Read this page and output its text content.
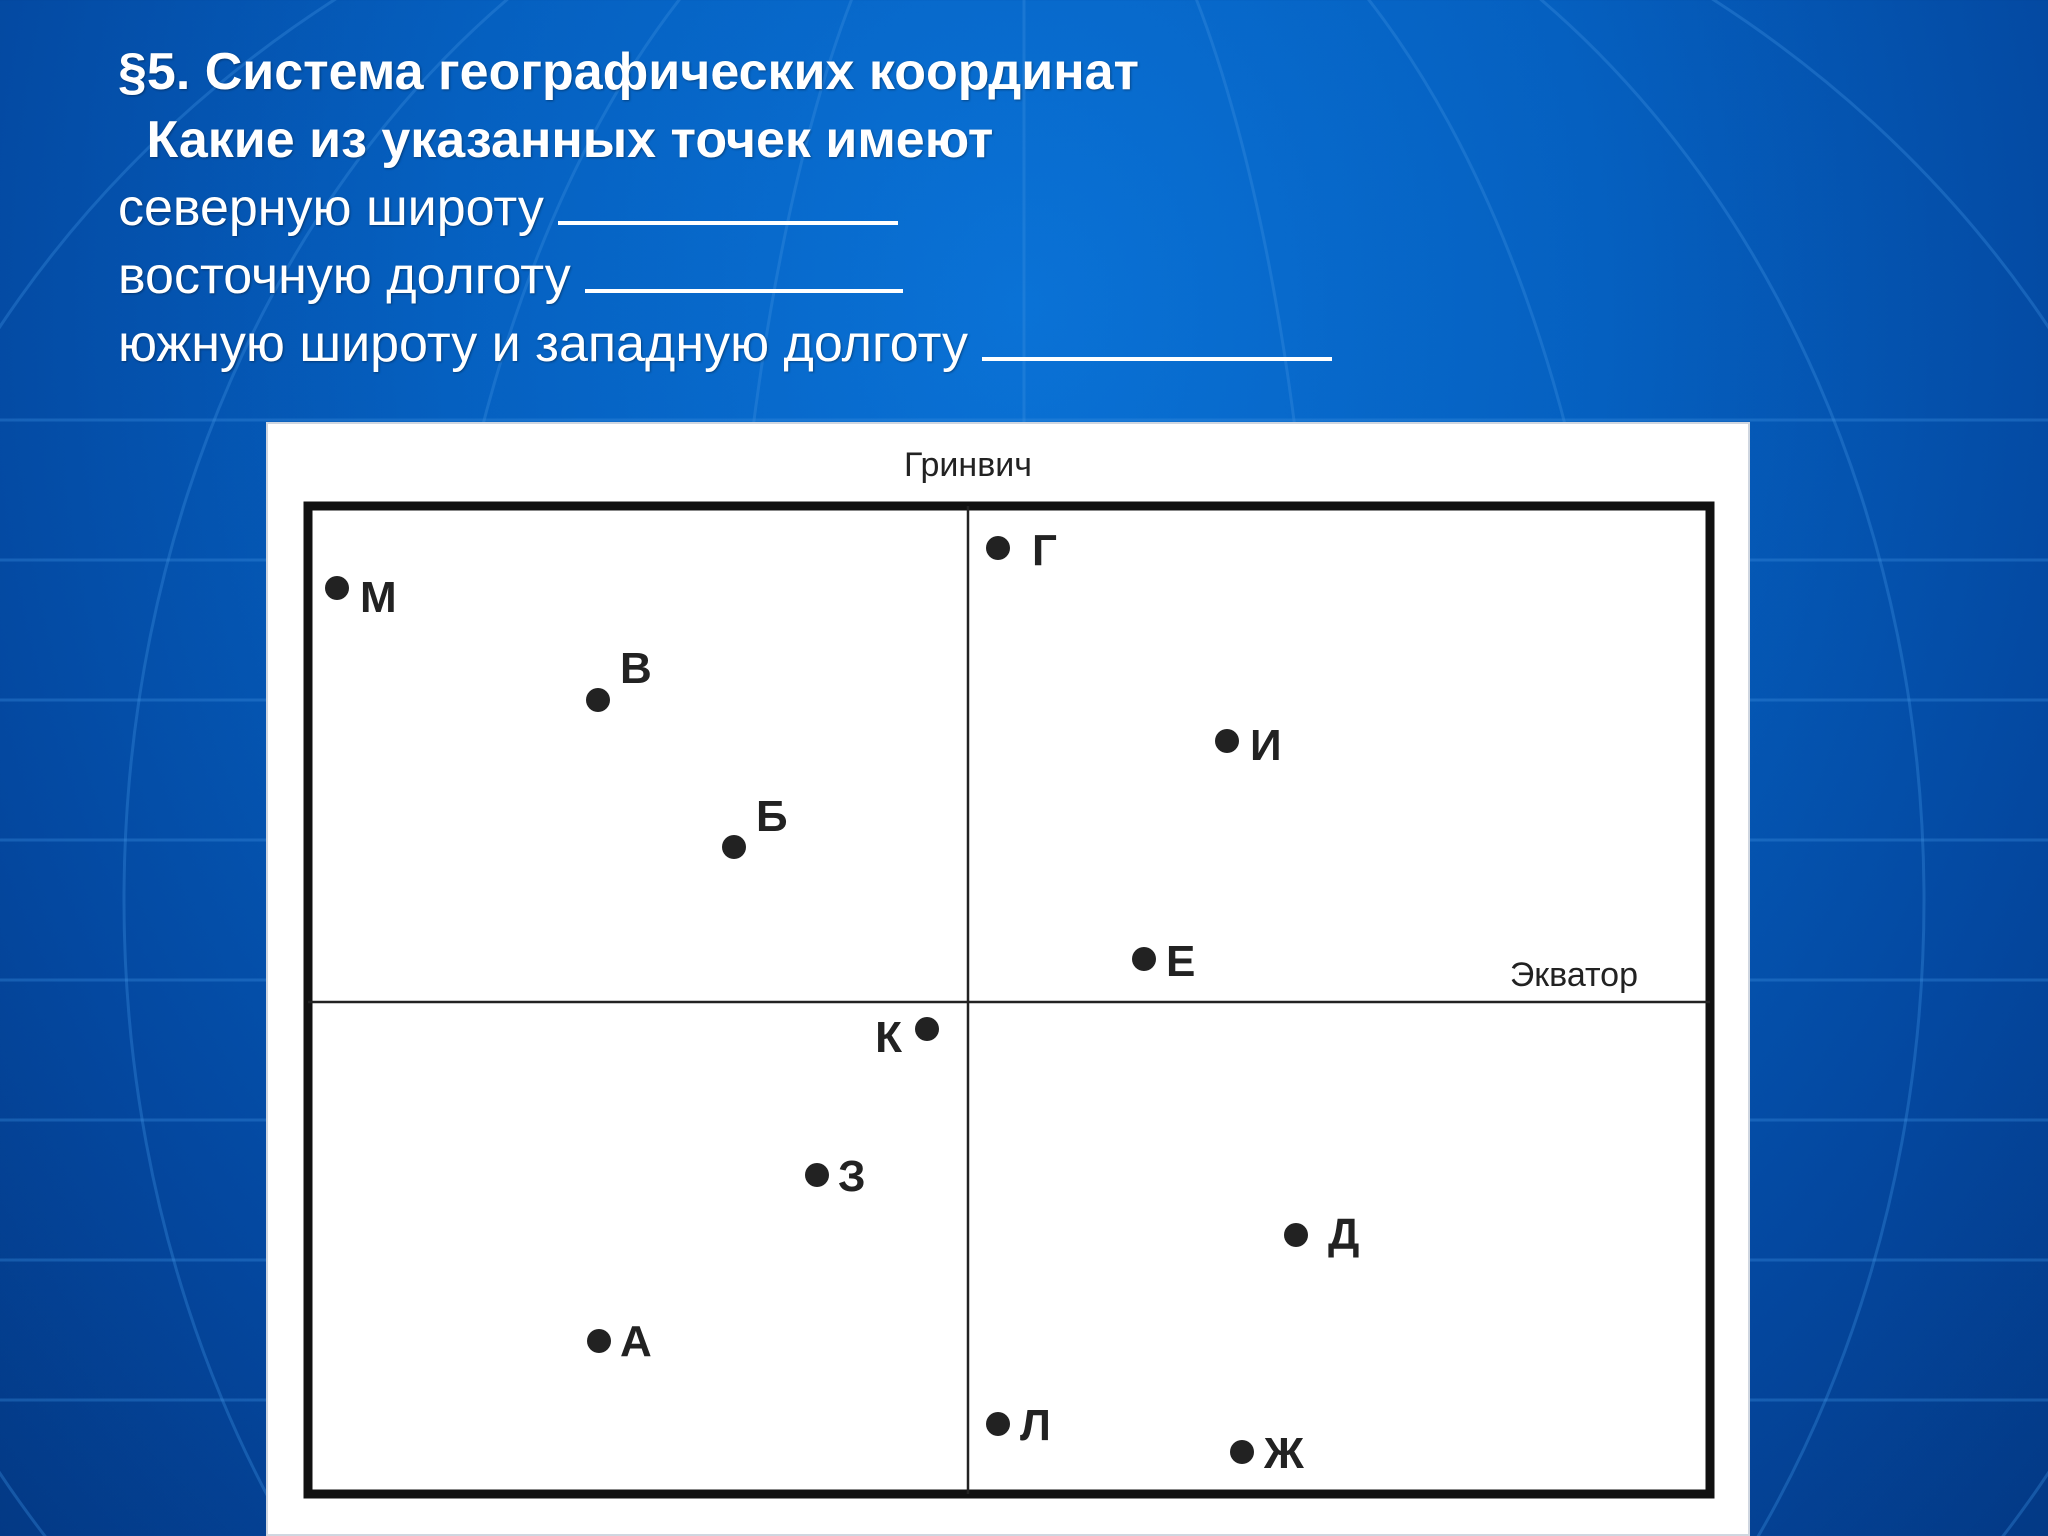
§5. Система географических координат
Какие из указанных точек имеют
северную широту
восточную долготу
южную широту и западную долготу
Гринвич
Экватор
М
В
Б
Г
И
Е
К
З
А
Л
Д
Ж
